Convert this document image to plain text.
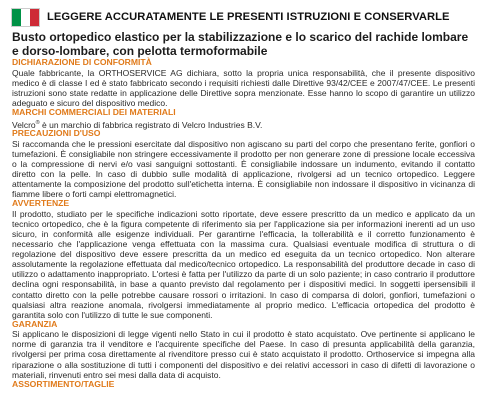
LEGGERE ACCURATAMENTE LE PRESENTI ISTRUZIONI E CONSERVARLE
Busto ortopedico elastico per la stabilizzazione e lo scarico del rachide lombare e dorso-lombare, con pelotta termoformabile
DICHIARAZIONE DI CONFORMITÀ

Quale fabbricante, la ORTHOSERVICE AG dichiara, sotto la propria unica responsabilità, che il presente dispositivo medico è di classe I ed è stato fabbricato secondo i requisiti richiesti dalle Direttive 93/42/CEE e 2007/47/CEE. Le presenti istruzioni sono state redatte in applicazione delle Direttive sopra menzionate. Esse hanno lo scopo di garantire un utilizzo adeguato e sicuro del dispositivo medico.

MARCHI COMMERCIALI DEI MATERIALI

Velcro® è un marchio di fabbrica registrato di Velcro Industries B.V.

PRECAUZIONI D'USO

Si raccomanda che le pressioni esercitate dal dispositivo non agiscano su parti del corpo che presentano ferite, gonfiori o tumefazioni. È consigliabile non stringere eccessivamente il prodotto per non generare zone di pressione locale eccessiva o la compressione di nervi e/o vasi sanguigni sottostanti. È consigliabile indossare un indumento, evitando il contatto diretto con la pelle. In caso di dubbio sulle modalità di applicazione, rivolgersi ad un tecnico ortopedico. Leggere attentamente la composizione del prodotto sull'etichetta interna. È consigliabile non indossare il dispositivo in vicinanza di fiamme libere o forti campi elettromagnetici.

AVVERTENZE

Il prodotto, studiato per le specifiche indicazioni sotto riportate, deve essere prescritto da un medico e applicato da un tecnico ortopedico, che è la figura competente di riferimento sia per l'applicazione sia per informazioni inerenti ad un uso sicuro, in conformità alle esigenze individuali. Per garantirne l'efficacia, la tollerabilità e il corretto funzionamento è necessario che l'applicazione venga effettuata con la massima cura. Qualsiasi eventuale modifica di struttura o di regolazione del dispositivo deve essere prescritta da un medico ed eseguita da un tecnico ortopedico. Non alterare assolutamente la regolazione effettuata dal medico/tecnico ortopedico. La responsabilità del produttore decade in caso di utilizzo o adattamento inappropriato. L'ortesi è fatta per l'utilizzo da parte di un solo paziente; in caso contrario il produttore declina ogni responsabilità, in base a quanto previsto dal regolamento per i dispositivi medici. In soggetti ipersensibili il contatto diretto con la pelle potrebbe causare rossori o irritazioni. In caso di comparsa di dolori, gonfiori, tumefazioni o qualsiasi altra reazione anomala, rivolgersi immediatamente al proprio medico. L'efficacia ortopedica del prodotto è garantita solo con l'utilizzo di tutte le sue componenti.

GARANZIA

Si applicano le disposizioni di legge vigenti nello Stato in cui il prodotto è stato acquistato. Ove pertinente si applicano le norme di garanzia tra il venditore e l'acquirente specifiche del Paese. In caso di presunta applicabilità della garanzia, rivolgersi per prima cosa direttamente al rivenditore presso cui è stato acquistato il prodotto. Orthoservice si impegna alla riparazione o alla sostituzione di tutti i componenti del dispositivo e dei relativi accessori in caso di difetti di lavorazione o materiali, rinvenuti entro sei mesi dalla data di acquisto.

ASSORTIMENTO/TAGLIE
